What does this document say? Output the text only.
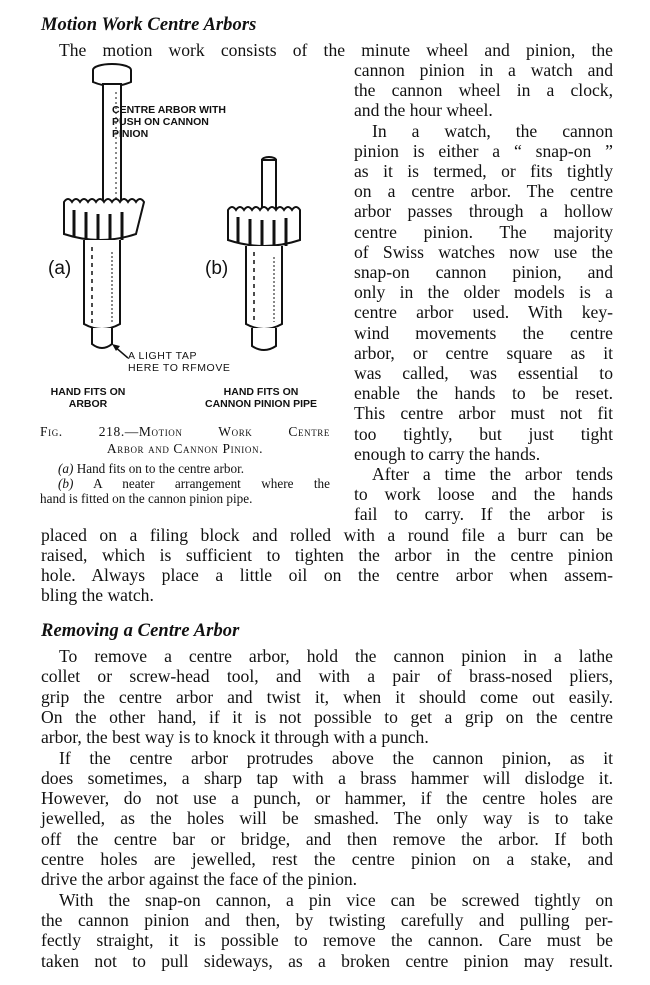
Motion Work Centre Arbors
The motion work consists of the minute wheel and pinion, the
cannon pinion in a watch and
the cannon wheel in a clock,
and the hour wheel.
In a watch, the cannon
pinion is either a “ snap-on ”
as it is termed, or fits tightly
on a centre arbor. The centre
arbor passes through a hollow
centre pinion. The majority
of Swiss watches now use the
snap-on cannon pinion, and
only in the older models is a
centre arbor used. With key-
wind movements the centre
arbor, or centre square as it
was called, was essential to
enable the hands to be reset.
This centre arbor must not fit
too tightly, but just tight
enough to carry the hands.
After a time the arbor tends
to work loose and the hands
fail to carry. If the arbor is
CENTRE ARBOR WITH
PUSH ON CANNON
PINION
(a)	(b)
A LIGHT TAP
HERE TO RFMOVE
HAND FITS ON
ARBOR
HAND FITS ON
CANNON PINION PIPE
Fig. 218.—Motion Work Centre
Arbor and Cannon Pinion.
(a) Hand fits on to the centre arbor.
(b) A neater arrangement where the
hand is fitted on the cannon pinion pipe.
placed on a filing block and rolled with a round file a burr can be
raised, which is sufficient to tighten the arbor in the centre pinion
hole. Always place a little oil on the centre arbor when assem-
bling the watch.
Removing a Centre Arbor
To remove a centre arbor, hold the cannon pinion in a lathe
collet or screw-head tool, and with a pair of brass-nosed pliers,
grip the centre arbor and twist it, when it should come out easily.
On the other hand, if it is not possible to get a grip on the centre
arbor, the best way is to knock it through with a punch.
If the centre arbor protrudes above the cannon pinion, as it
does sometimes, a sharp tap with a brass hammer will dislodge it.
However, do not use a punch, or hammer, if the centre holes are
jewelled, as the holes will be smashed. The only way is to take
off the centre bar or bridge, and then remove the arbor. If both
centre holes are jewelled, rest the centre pinion on a stake, and
drive the arbor against the face of the pinion.
With the snap-on cannon, a pin vice can be screwed tightly on
the cannon pinion and then, by twisting carefully and pulling per-
fectly straight, it is possible to remove the cannon. Care must be
taken not to pull sideways, as a broken centre pinion may result.
